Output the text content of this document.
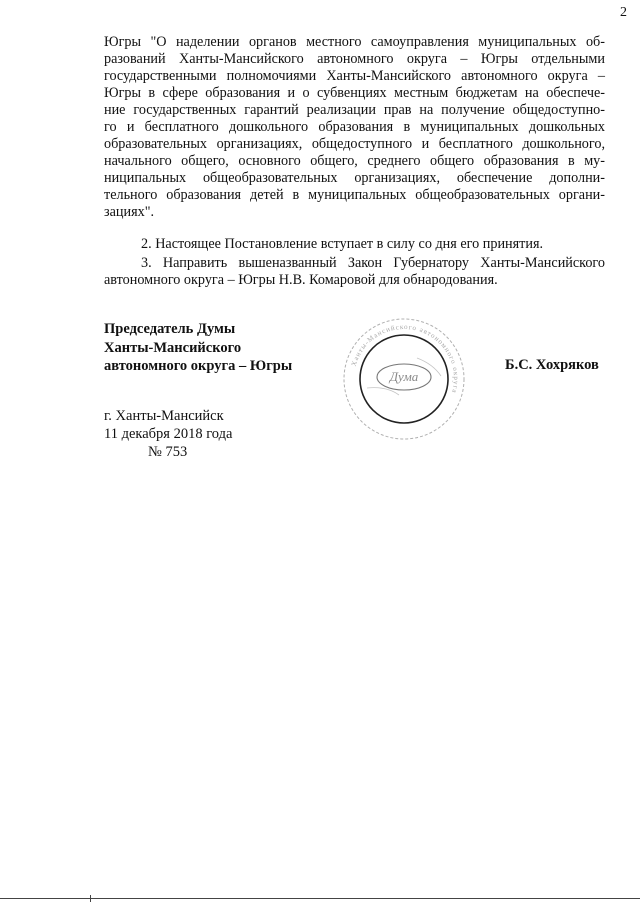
2
Югры "О наделении органов местного самоуправления муниципальных об-
разований Ханты-Мансийского автономного округа – Югры отдельными
государственными полномочиями Ханты-Мансийского автономного округа –
Югры в сфере образования и о субвенциях местным бюджетам на обеспече-
ние государственных гарантий реализации прав на получение общедоступно-
го и бесплатного дошкольного образования в муниципальных дошкольных
образовательных организациях, общедоступного и бесплатного дошкольного,
начального общего, основного общего, среднего общего образования в му-
ниципальных общеобразовательных организациях, обеспечение дополни-
тельного образования детей в муниципальных общеобразовательных органи-
зациях".
2. Настоящее Постановление вступает в силу со дня его принятия.
3. Направить вышеназванный Закон Губернатору Ханты-Мансийского
автономного округа – Югры Н.В. Комаровой для обнародования.
Председатель Думы
Ханты-Мансийского
автономного округа – Югры	Ханты-Мансийского автономного округа
Дума
Б.С. Хохряков
г. Ханты-Мансийск
11 декабря 2018 года
№ 753
